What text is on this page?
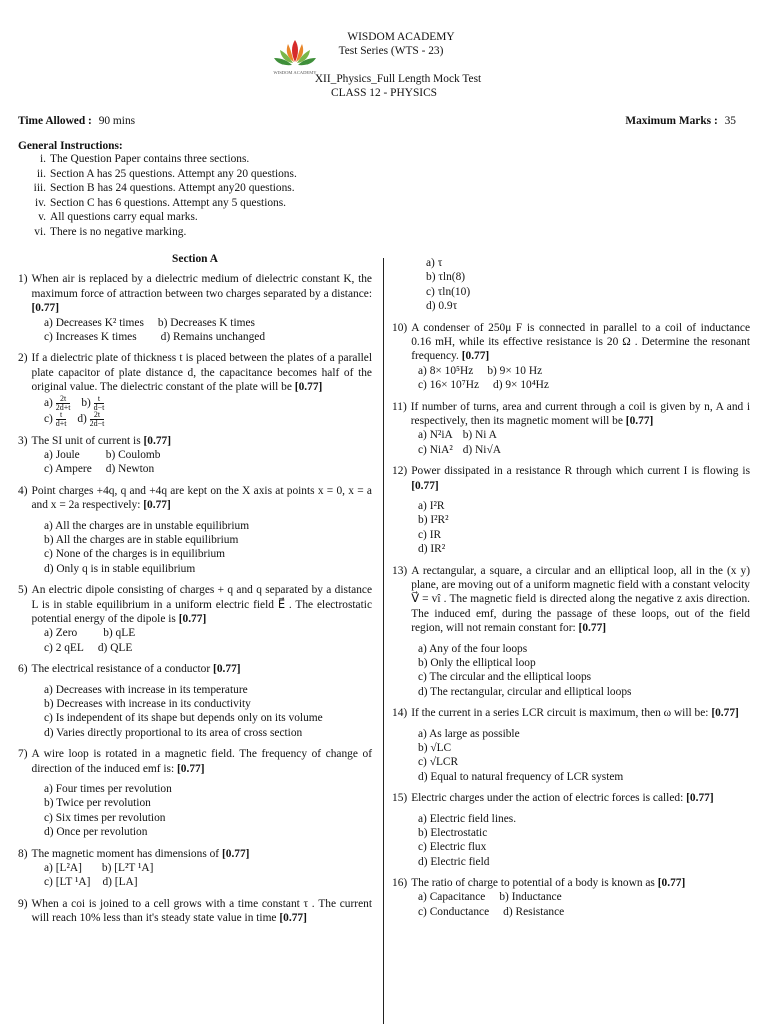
WISDOM ACADEMY
WISDOM ACADEMY
Test Series (WTS - 23)
XII_Physics_Full Length Mock Test
CLASS 12 - PHYSICS
Time Allowed : 90 mins	Maximum Marks : 35
General Instructions:
i. The Question Paper contains three sections.
ii. Section A has 25 questions. Attempt any 20 questions.
iii. Section B has 24 questions. Attempt any20 questions.
iv. Section C has 6 questions. Attempt any 5 questions.
v. All questions carry equal marks.
vi. There is no negative marking.
Section A
1) When air is replaced by a dielectric medium of dielectric constant K, the maximum force of attraction between two charges separated by a distance: [0.77]
a) Decreases K² times b) Decreases K times
c) Increases K times d) Remains unchanged
2) If a dielectric plate of thickness t is placed between the plates of a parallel plate capacitor of plate distance d, the capacitance becomes half of the original value. The dielectric constant of the plate will be [0.77]
$a) \frac{2t}{2d+t} b) \frac{t}{d-t}$
$c) \frac{t}{d+t} d) \frac{2t}{2d-t}$
3) The SI unit of current is [0.77]
a) Joule b) Coulomb
c) Ampere d) Newton
4) Point charges +4q, q and +4q are kept on the X axis at points x = 0, x = a and x = 2a respectively: [0.77]
a) All the charges are in unstable equilibrium
b) All the charges are in stable equilibrium
c) None of the charges is in equilibrium
d) Only q is in stable equilibrium
5) An electric dipole consisting of charges + q and q separated by a distance L is in stable equilibrium in a uniform electric field E⃗ . The electrostatic potential energy of the dipole is [0.77]
a) Zero b) qLE
c) 2 qEL d) QLE
6) The electrical resistance of a conductor [0.77]
a) Decreases with increase in its temperature
b) Decreases with increase in its conductivity
c) Is independent of its shape but depends only on its volume
d) Varies directly proportional to its area of cross section
7) A wire loop is rotated in a magnetic field. The frequency of change of direction of the induced emf is: [0.77]
a) Four times per revolution
b) Twice per revolution
c) Six times per revolution
d) Once per revolution
8) The magnetic moment has dimensions of [0.77]
a) [L²A] b) [L²T ¹A]
c) [LT ¹A] d) [LA]
9) When a coi is joined to a cell grows with a time constant τ . The current will reach 10% less than it's steady state value in time [0.77]
a) τ
b) τln(8)
c) τln(10)
d) 0.9τ
10) A condenser of 250μ F is connected in parallel to a coil of inductance 0.16 mH, while its effective resistance is 20 Ω . Determine the resonant frequency. [0.77]
a) 8× 10⁵Hz b) 9× 10 Hz
c) 16× 10⁷Hz d) 9× 10⁴Hz
11) If number of turns, area and current through a coil is given by n, A and i respectively, then its magnetic moment will be [0.77]
a) N²iA b) Ni A
c) NiA² d) Ni√A
12) Power dissipated in a resistance R through which current I is flowing is [0.77]
a) I²R
b) I²R²
c) IR
d) IR²
13) A rectangular, a square, a circular and an elliptical loop, all in the (x y) plane, are moving out of a uniform magnetic field with a constant velocity V⃗ = vî . The magnetic field is directed along the negative z axis direction. The induced emf, during the passage of these loops, out of the field region, will not remain constant for: [0.77]
a) Any of the four loops
b) Only the elliptical loop
c) The circular and the elliptical loops
d) The rectangular, circular and elliptical loops
14) If the current in a series LCR circuit is maximum, then ω will be: [0.77]
a) As large as possible
b) √LC
c) √LCR
d) Equal to natural frequency of LCR system
15) Electric charges under the action of electric forces is called: [0.77]
a) Electric field lines.
b) Electrostatic
c) Electric flux
d) Electric field
16) The ratio of charge to potential of a body is known as [0.77]
a) Capacitance b) Inductance
c) Conductance d) Resistance
